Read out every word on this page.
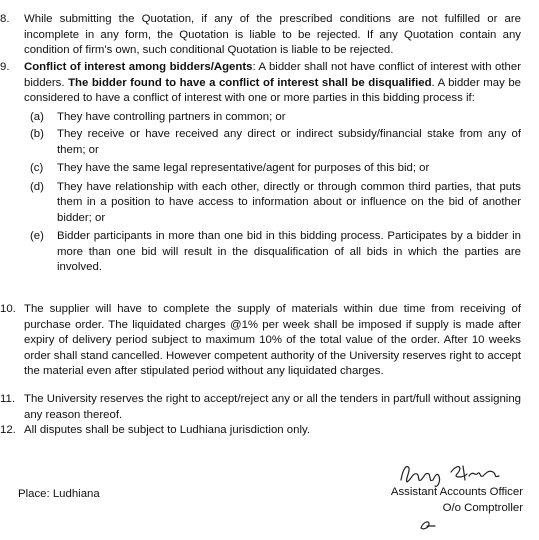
8.	While submitting the Quotation, if any of the prescribed conditions are not fulfilled or are incomplete in any form, the Quotation is liable to be rejected. If any Quotation contain any condition of firm's own, such conditional Quotation is liable to be rejected.
9.	Conflict of interest among bidders/Agents: A bidder shall not have conflict of interest with other bidders. The bidder found to have a conflict of interest shall be disqualified. A bidder may be considered to have a conflict of interest with one or more parties in this bidding process if:
(a) They have controlling partners in common; or
(b) They receive or have received any direct or indirect subsidy/financial stake from any of them; or
(c) They have the same legal representative/agent for purposes of this bid; or
(d) They have relationship with each other, directly or through common third parties, that puts them in a position to have access to information about or influence on the bid of another bidder; or
(e) Bidder participants in more than one bid in this bidding process. Participates by a bidder in more than one bid will result in the disqualification of all bids in which the parties are involved.
10. The supplier will have to complete the supply of materials within due time from receiving of purchase order. The liquidated charges @1% per week shall be imposed if supply is made after expiry of delivery period subject to maximum 10% of the total value of the order. After 10 weeks order shall stand cancelled. However competent authority of the University reserves right to accept the material even after stipulated period without any liquidated charges.
11. The University reserves the right to accept/reject any or all the tenders in part/full without assigning any reason thereof.
12. All disputes shall be subject to Ludhiana jurisdiction only.
Place: Ludhiana	Assistant Accounts Officer
O/o Comptroller
